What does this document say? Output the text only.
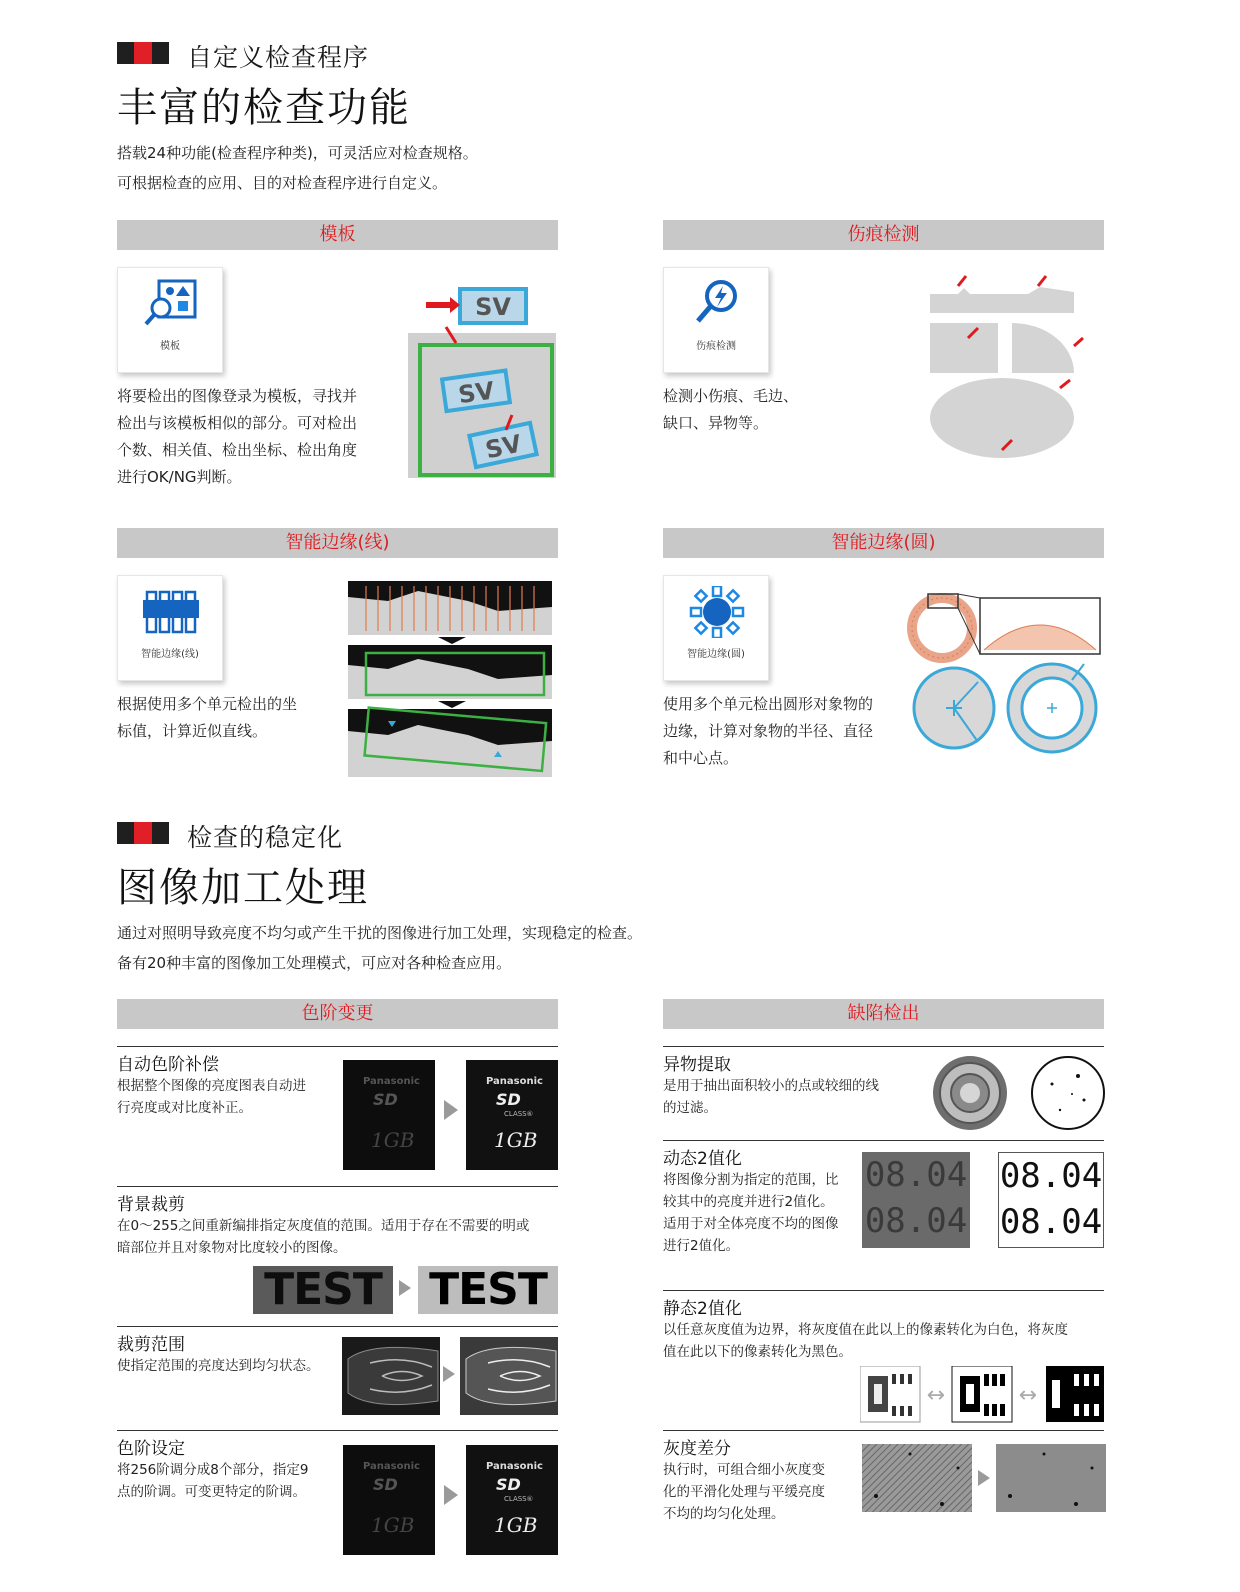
自定义检查程序
丰富的检查功能
搭载24种功能(检查程序种类)，可灵活应对检查规格。
可根据检查的应用、目的对检查程序进行自定义。
模板
模板
将要检出的图像登录为模板，寻找并
检出与该模板相似的部分。可对检出
个数、相关值、检出坐标、检出角度
进行OK/NG判断。
SV
SV
SV
伤痕检测
伤痕检测
检测小伤痕、毛边、
缺口、异物等。
智能边缘(线)
智能边缘(线)
根据使用多个单元检出的坐
标值，计算近似直线。
智能边缘(圆)
智能边缘(圆)
使用多个单元检出圆形对象物的
边缘，计算对象物的半径、直径
和中心点。
检查的稳定化
图像加工处理
通过对照明导致亮度不均匀或产生干扰的图像进行加工处理，实现稳定的检查。
备有20种丰富的图像加工处理模式，可应对各种检查应用。
色阶变更	缺陷检出
自动色阶补偿
根据整个图像的亮度图表自动进
行亮度或对比度补正。
Panasonic
SD
1GB
Panasonic
SD
CLASS⑥
1GB
背景裁剪
在0～255之间重新编排指定灰度值的范围。适用于存在不需要的明或
暗部位并且对象物对比度较小的图像。
TEST TEST
裁剪范围
使指定范围的亮度达到均匀状态。
色阶设定
将256阶调分成8个部分，指定9
点的阶调。可变更特定的阶调。
Panasonic
SD
1GB
Panasonic
SD
CLASS⑥
1GB
异物提取
是用于抽出面积较小的点或较细的线
的过滤。
动态2值化
将图像分割为指定的范围，比
较其中的亮度并进行2值化。
适用于对全体亮度不均的图像
进行2值化。
08.04
08.04
08.04
08.04
静态2值化
以任意灰度值为边界，将灰度值在此以上的像素转化为白色，将灰度
值在此以下的像素转化为黑色。
↔	↔
灰度差分
执行时，可组合细小灰度变
化的平滑化处理与平缓亮度
不均的均匀化处理。
